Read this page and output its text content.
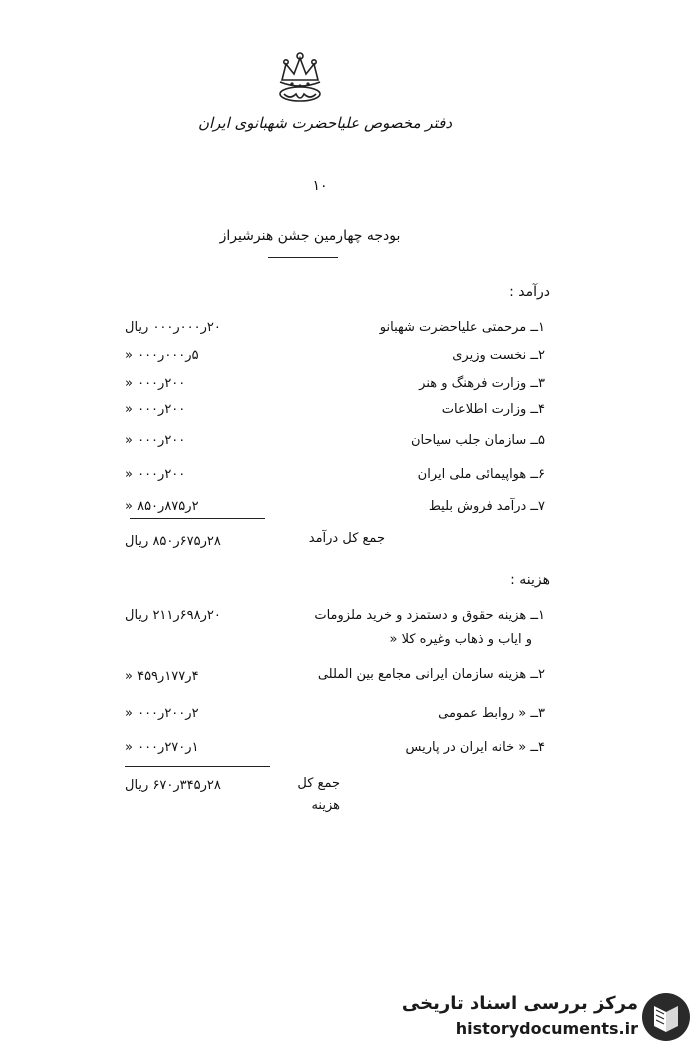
دفتر مخصوص علیاحضرت شهبانوی ایران
۱۰
بودجه چهارمین جشن هنرشیراز
درآمد :
۱ــ مرحمتی علیاحضرت شهبانو
۲۰ر۰۰۰ر۰۰۰ ریال
۲ــ نخست وزیری
۵ر۰۰۰ر۰۰۰ «
۳ــ وزارت فرهنگ و هنر
۲۰۰ر۰۰۰ «
۴ــ وزارت اطلاعات
۲۰۰ر۰۰۰ «
۵ــ سازمان جلب سیاحان
۲۰۰ر۰۰۰ «
۶ــ هواپیمائی ملی ایران
۲۰۰ر۰۰۰ «
۷ــ درآمد فروش بلیط
۲ر۸۷۵ر۸۵۰ «
جمع کل درآمد
۲۸ر۶۷۵ر۸۵۰ ریال
هزینه :
۱ــ هزینه حقوق و دستمزد و خرید ملزومات
و ایاب و ذهاب وغیره کلا «
۲۰ر۶۹۸ر۲۱۱ ریال
۲ــ هزینه سازمان ایرانی مجامع بین المللی
۴ر۱۷۷ر۴۵۹ «
۳ــ « روابط عمومی
۲ر۲۰۰ر۰۰۰ «
۴ــ « خانه ایران در پاریس
۱ر۲۷۰ر۰۰۰ «
جمع کل
هزینه
۲۸ر۳۴۵ر۶۷۰ ریال
مرکز بررسی اسناد تاریخی
historydocuments.ir
